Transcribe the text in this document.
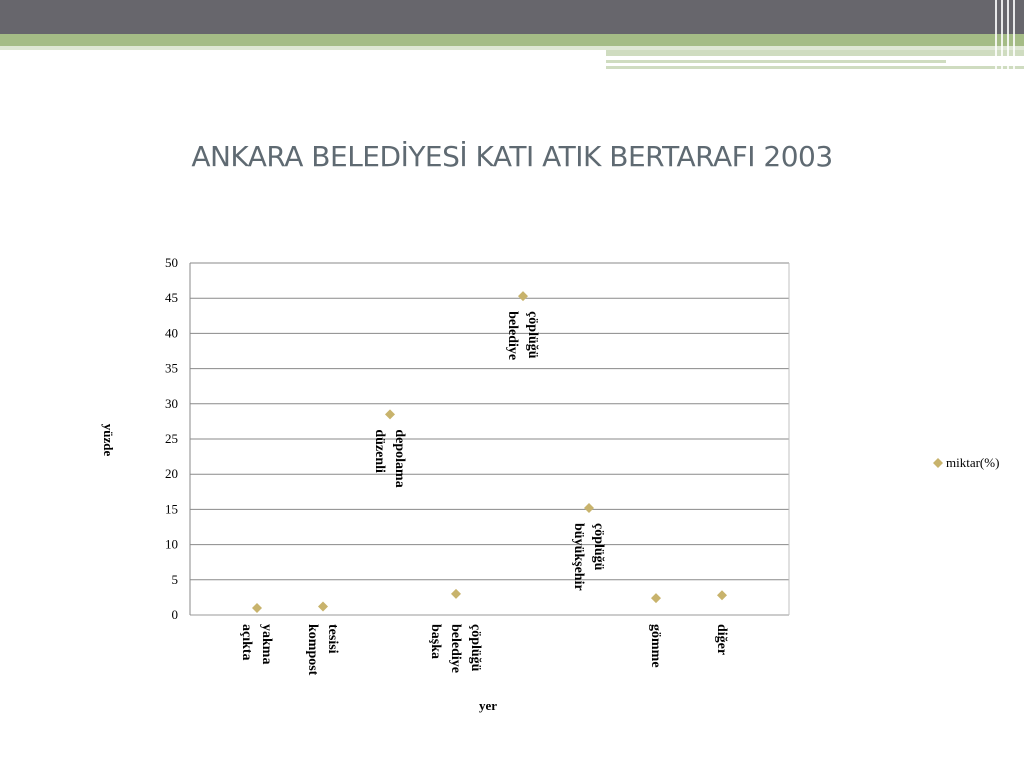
ANKARA BELEDİYESİ KATI ATIK BERTARAFI 2003
0
5
10
15
20
25
30
35
40
45
50
açıkta yakma kompost tesisi
düzenli depolama
başka belediye çöplüğü
belediye çöplüğü
büyükşehir çöplüğü
gömme	diğer
yer
yüzde
miktar(%)
